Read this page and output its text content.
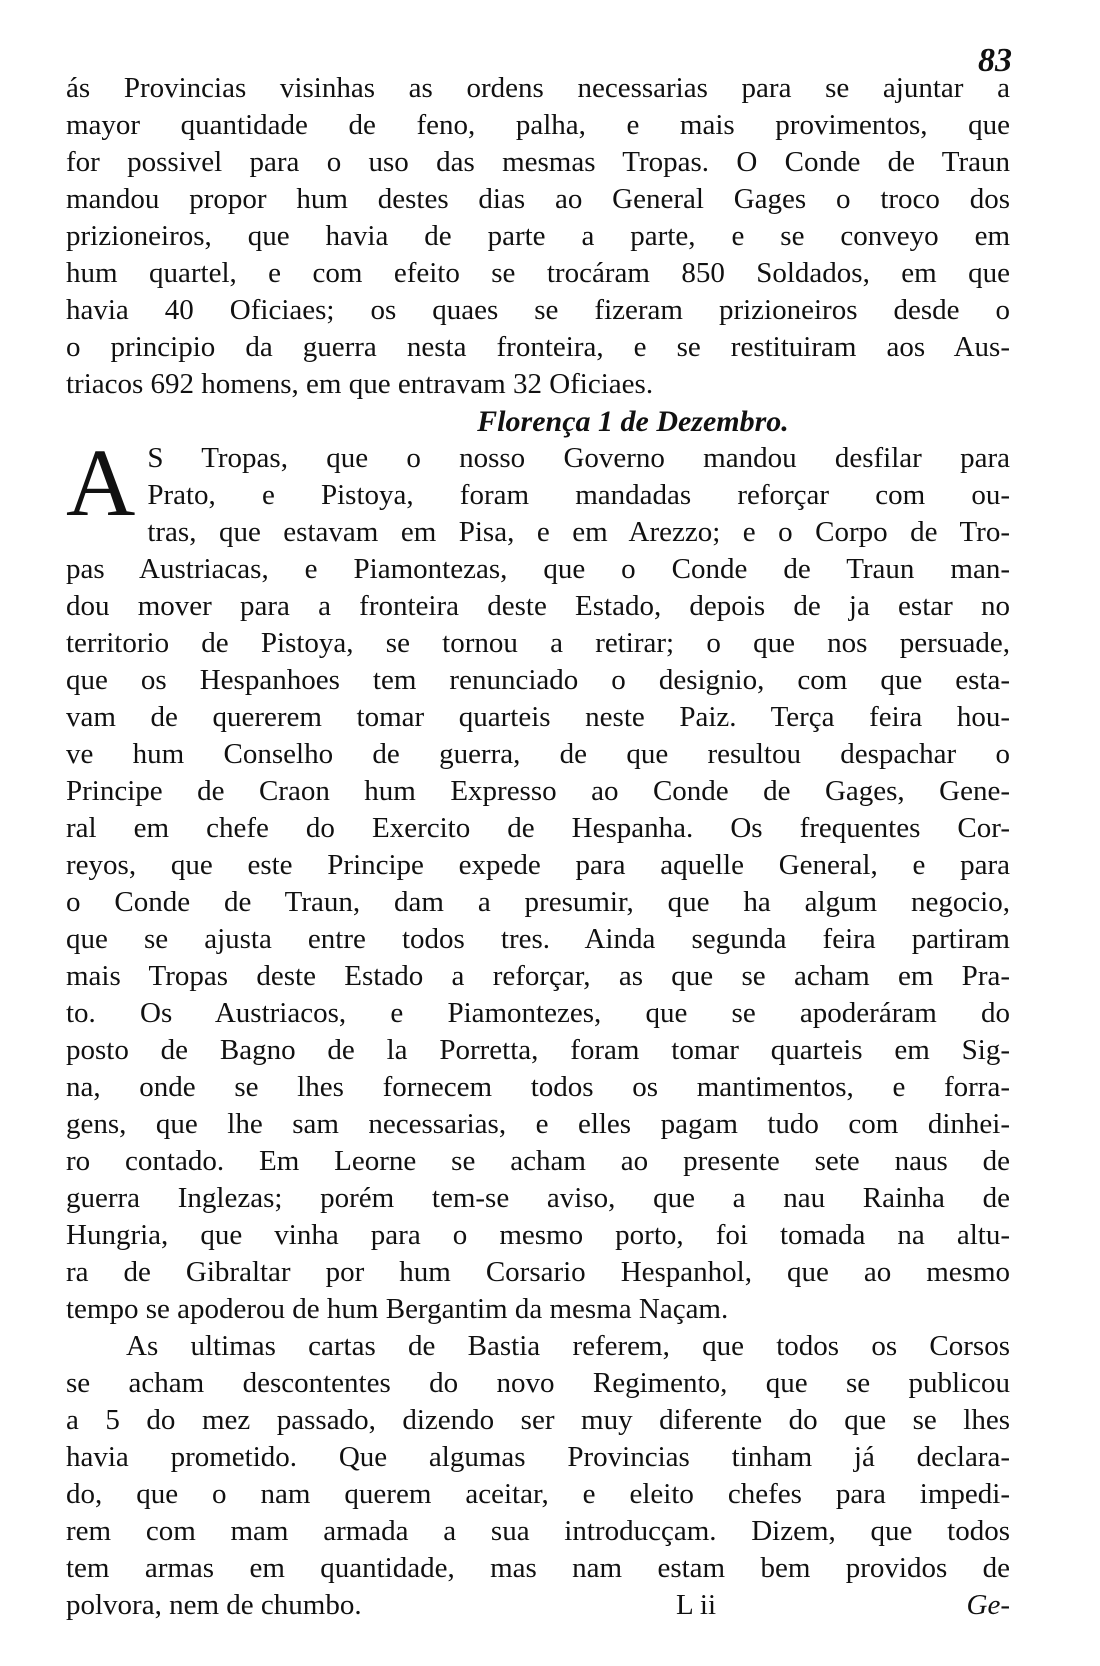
83
ás Provincias visinhas as ordens necessarias para se ajuntar a
mayor quantidade de feno, palha, e mais provimentos, que
for possivel para o uso das mesmas Tropas. O Conde de Traun
mandou propor hum destes dias ao General Gages o troco dos
prizioneiros, que havia de parte a parte, e se conveyo em
hum quartel, e com efeito se trocáram 850 Soldados, em que
havia 40 Oficiaes; os quaes se fizeram prizioneiros desde o
o principio da guerra nesta fronteira, e se restituiram aos Aus-
triacos 692 homens, em que entravam 32 Oficiaes.
Florença 1 de Dezembro.
A S Tropas, que o nosso Governo mandou desfilar para
Prato, e Pistoya, foram mandadas reforçar com ou-
tras, que estavam em Pisa, e em Arezzo; e o Corpo de Tro-
pas Austriacas, e Piamontezas, que o Conde de Traun man-
dou mover para a fronteira deste Estado, depois de ja estar no
territorio de Pistoya, se tornou a retirar; o que nos persuade,
que os Hespanhoes tem renunciado o designio, com que esta-
vam de quererem tomar quarteis neste Paiz. Terça feira hou-
ve hum Conselho de guerra, de que resultou despachar o
Principe de Craon hum Expresso ao Conde de Gages, Gene-
ral em chefe do Exercito de Hespanha. Os frequentes Cor-
reyos, que este Principe expede para aquelle General, e para
o Conde de Traun, dam a presumir, que ha algum negocio,
que se ajusta entre todos tres. Ainda segunda feira partiram
mais Tropas deste Estado a reforçar, as que se acham em Pra-
to. Os Austriacos, e Piamontezes, que se apoderáram do
posto de Bagno de la Porretta, foram tomar quarteis em Sig-
na, onde se lhes fornecem todos os mantimentos, e forra-
gens, que lhe sam necessarias, e elles pagam tudo com dinhei-
ro contado. Em Leorne se acham ao presente sete naus de
guerra Inglezas; porém tem-se aviso, que a nau Rainha de
Hungria, que vinha para o mesmo porto, foi tomada na altu-
ra de Gibraltar por hum Corsario Hespanhol, que ao mesmo
tempo se apoderou de hum Bergantim da mesma Naçam.
As ultimas cartas de Bastia referem, que todos os Corsos
se acham descontentes do novo Regimento, que se publicou
a 5 do mez passado, dizendo ser muy diferente do que se lhes
havia prometido. Que algumas Provincias tinham já declara-
do, que o nam querem aceitar, e eleito chefes para impedi-
rem com mam armada a sua introducçam. Dizem, que todos
tem armas em quantidade, mas nam estam bem providos de
polvora, nem de chumbo.	L ii	Ge-
